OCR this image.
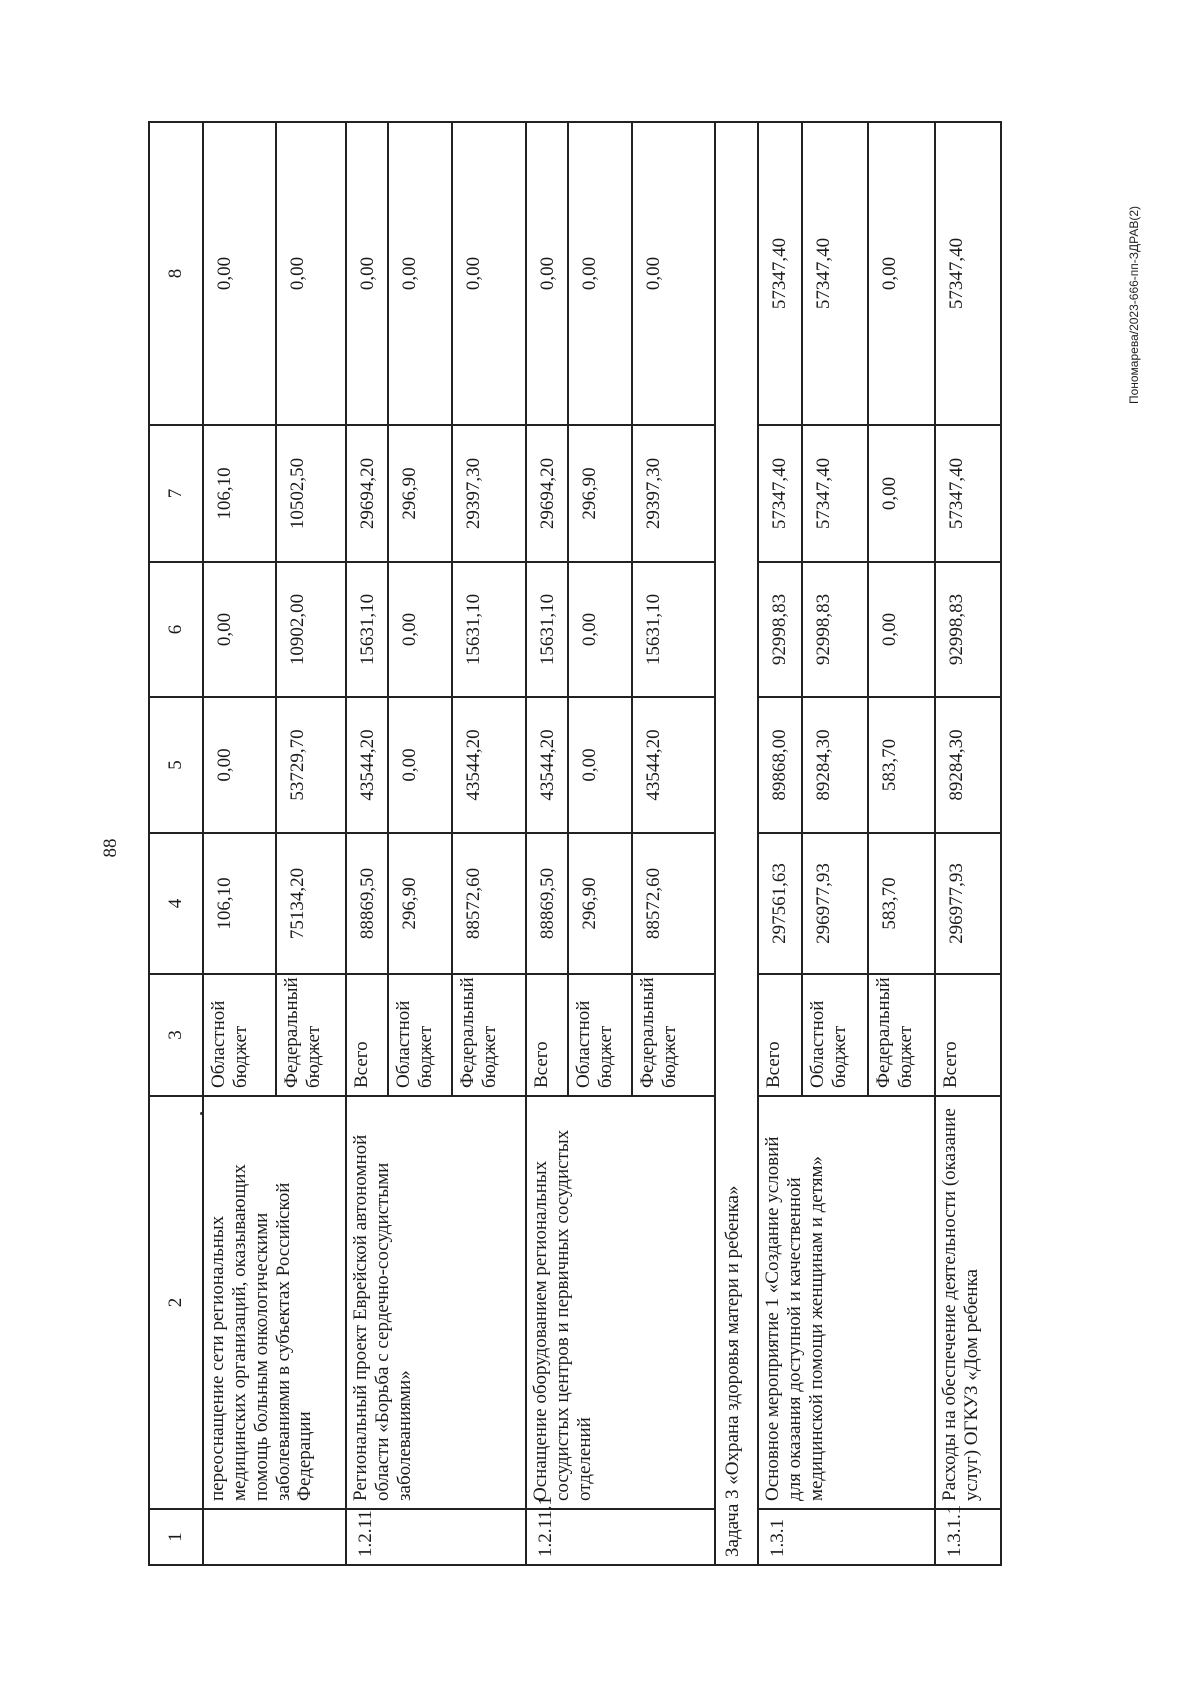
88
Пономарева/2023-666-пп-ЗДРАВ(2)
1	2	3	4	5	6	7	8
	переоснащение сети региональных медицинских организаций, оказывающих помощь больным онкологическими заболеваниями в субъектах Российской Федерации	Областной бюджет	106,10	0,00	0,00	106,10	0,00
		Федеральный бюджет	75134,20	53729,70	10902,00	10502,50	0,00
1.2.11	Региональный проект Еврейской автономной области «Борьба с сердечно-сосудистыми заболеваниями»	Всего	88869,50	43544,20	15631,10	29694,20	0,00
		Областной бюджет	296,90	0,00	0,00	296,90	0,00
		Федеральный бюджет	88572,60	43544,20	15631,10	29397,30	0,00
1.2.11.1	Оснащение оборудованием региональных сосудистых центров и первичных сосудистых отделений	Всего	88869,50	43544,20	15631,10	29694,20	0,00
		Областной бюджет	296,90	0,00	0,00	296,90	0,00
		Федеральный бюджет	88572,60	43544,20	15631,10	29397,30	0,00
Задача 3 «Охрана здоровья матери и ребенка»							
1.3.1	Основное мероприятие 1 «Создание условий для оказания доступной и качественной медицинской помощи женщинам и детям»	Всего	297561,63	89868,00	92998,83	57347,40	57347,40
		Областной бюджет	296977,93	89284,30	92998,83	57347,40	57347,40
		Федеральный бюджет	583,70	583,70	0,00	0,00	0,00
1.3.1.1	Расходы на обеспечение деятельности (оказание услуг) ОГКУЗ «Дом ребенка	Всего	296977,93	89284,30	92998,83	57347,40	57347,40
